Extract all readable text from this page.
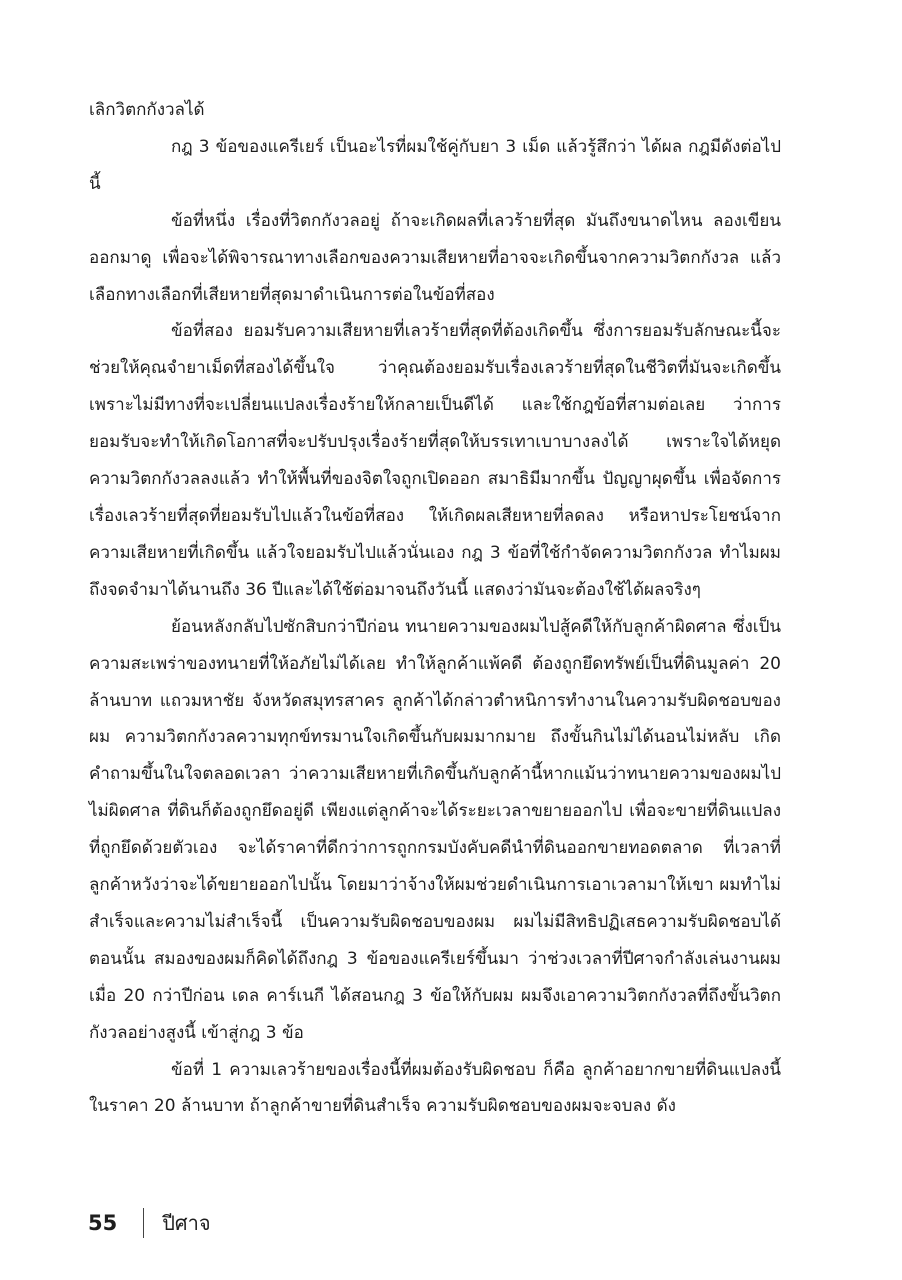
เลิกวิตกกังวลได้

กฎ 3 ข้อของแครีเยร์ เป็นอะไรที่ผมใช้คู่กับยา 3 เม็ด แล้วรู้สึกว่า ได้ผล กฎมีดังต่อไปนี้

ข้อที่หนึ่ง เรื่องที่วิตกกังวลอยู่ ถ้าจะเกิดผลที่เลวร้ายที่สุด มันถึงขนาดไหน ลองเขียนออกมาดู เพื่อจะได้พิจารณาทางเลือกของความเสียหายที่อาจจะเกิดขึ้นจากความวิตกกังวล แล้วเลือกทางเลือกที่เสียหายที่สุดมาดำเนินการต่อในข้อที่สอง

ข้อที่สอง ยอมรับความเสียหายที่เลวร้ายที่สุดที่ต้องเกิดขึ้น ซึ่งการยอมรับลักษณะนี้จะช่วยให้คุณจำยาเม็ดที่สองได้ขึ้นใจ ว่าคุณต้องยอมรับเรื่องเลวร้ายที่สุดในชีวิตที่มันจะเกิดขึ้น เพราะไม่มีทางที่จะเปลี่ยนแปลงเรื่องร้ายให้กลายเป็นดีได้ และใช้กฎข้อที่สามต่อเลย ว่าการยอมรับจะทำให้เกิดโอกาสที่จะปรับปรุงเรื่องร้ายที่สุดให้บรรเทาเบาบางลงได้ เพราะใจได้หยุดความวิตกกังวลลงแล้ว ทำให้พื้นที่ของจิตใจถูกเปิดออก สมาธิมีมากขึ้น ปัญญาผุดขึ้น เพื่อจัดการเรื่องเลวร้ายที่สุดที่ยอมรับไปแล้วในข้อที่สอง ให้เกิดผลเสียหายที่ลดลง หรือหาประโยชน์จากความเสียหายที่เกิดขึ้น แล้วใจยอมรับไปแล้วนั่นเอง กฎ 3 ข้อที่ใช้กำจัดความวิตกกังวล ทำไมผมถึงจดจำมาได้นานถึง 36 ปีและได้ใช้ต่อมาจนถึงวันนี้ แสดงว่ามันจะต้องใช้ได้ผลจริงๆ

ย้อนหลังกลับไปซักสิบกว่าปีก่อน ทนายความของผมไปสู้คดีให้กับลูกค้าผิดศาล ซึ่งเป็นความสะเพร่าของทนายที่ให้อภัยไม่ได้เลย ทำให้ลูกค้าแพ้คดี ต้องถูกยึดทรัพย์เป็นที่ดินมูลค่า 20 ล้านบาท แถวมหาชัย จังหวัดสมุทรสาคร ลูกค้าได้กล่าวตำหนิการทำงานในความรับผิดชอบของผม ความวิตกกังวลความทุกข์ทรมานใจเกิดขึ้นกับผมมากมาย ถึงขั้นกินไม่ได้นอนไม่หลับ เกิดคำถามขึ้นในใจตลอดเวลา ว่าความเสียหายที่เกิดขึ้นกับลูกค้านี้หากแม้นว่าทนายความของผมไปไม่ผิดศาล ที่ดินก็ต้องถูกยึดอยู่ดี เพียงแต่ลูกค้าจะได้ระยะเวลาขยายออกไป เพื่อจะขายที่ดินแปลงที่ถูกยึดด้วยตัวเอง จะได้ราคาที่ดีกว่าการถูกกรมบังคับคดีนำที่ดินออกขายทอดตลาด ที่เวลาที่ลูกค้าหวังว่าจะได้ขยายออกไปนั้น โดยมาว่าจ้างให้ผมช่วยดำเนินการเอาเวลามาให้เขา ผมทำไม่สำเร็จและความไม่สำเร็จนี้ เป็นความรับผิดชอบของผม ผมไม่มีสิทธิปฏิเสธความรับผิดชอบได้ตอนนั้น สมองของผมก็คิดได้ถึงกฎ 3 ข้อของแครีเยร์ขึ้นมา ว่าช่วงเวลาที่ปีศาจกำลังเล่นงานผมเมื่อ 20 กว่าปีก่อน เดล คาร์เนกี ได้สอนกฎ 3 ข้อให้กับผม ผมจึงเอาความวิตกกังวลที่ถึงขั้นวิตกกังวลอย่างสูงนี้ เข้าสู่กฎ 3 ข้อ

ข้อที่ 1 ความเลวร้ายของเรื่องนี้ที่ผมต้องรับผิดชอบ ก็คือ ลูกค้าอยากขายที่ดินแปลงนี้ในราคา 20 ล้านบาท ถ้าลูกค้าขายที่ดินสำเร็จ ความรับผิดชอบของผมจะจบลง ดัง

55 ปีศาจ
